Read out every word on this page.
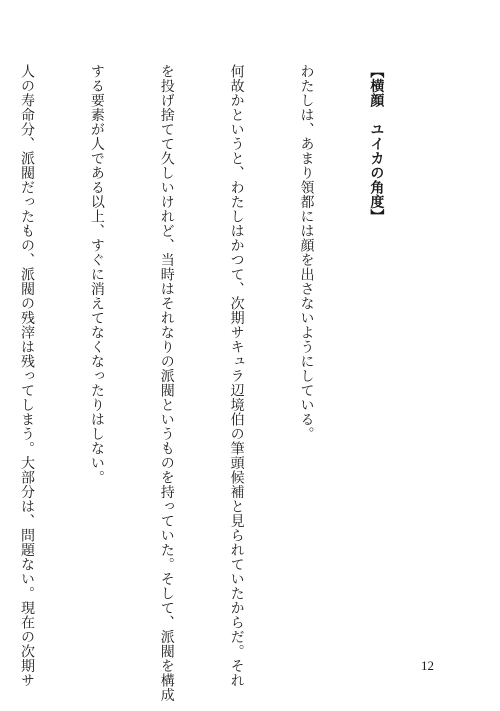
【横顔　ユイカの角度】

わたしは、あまり領都には顔を出さないようにしている。

何故かというと、わたしはかつて、次期サキュラ辺境伯の筆頭候補と見られていたからだ。それ

を投げ捨てて久しいけれど、当時はそれなりの派閥というものを持っていた。そして、派閥を構成

する要素が人である以上、すぐに消えてなくなったりはしない。

人の寿命分、派閥だったもの、派閥の残滓は残ってしまう。大部分は、問題ない。現在の次期サ

	12
